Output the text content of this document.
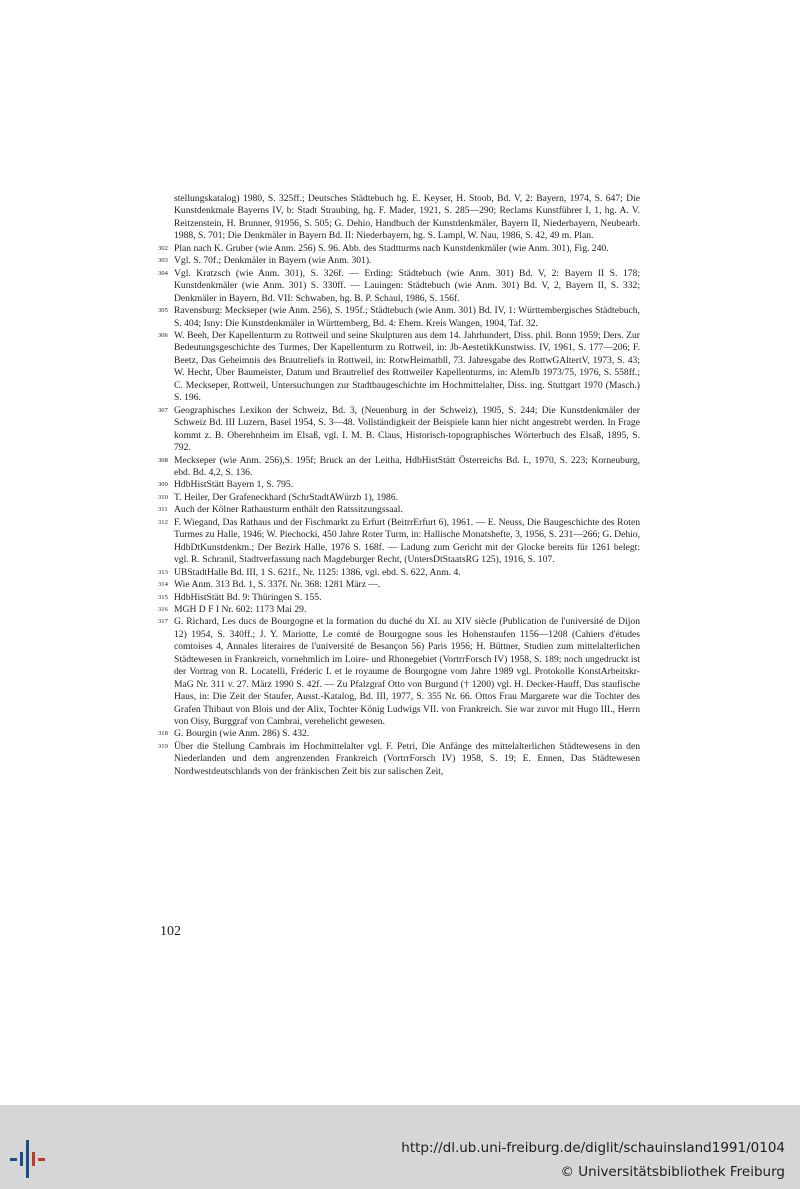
stellungskatalog) 1980, S. 325ff.; Deutsches Städtebuch hg. E. Keyser, H. Stoob, Bd. V, 2: Bayern, 1974, S. 647; Die Kunstdenkmale Bayerns IV, b: Stadt Straubing, hg. F. Mader, 1921, S. 285—290; Reclams Kunstführer I, 1, hg. A. V. Reitzenstein, H. Brunner, 91956, S. 505; G. Dehio, Handbuch der Kunstdenkmäler, Bayern II, Niederbayern, Neubearb. 1988, S. 701; Die Denkmäler in Bayern Bd. II: Niederbayern, hg. S. Lampl, W. Nau, 1986, S. 42, 49 m. Plan.
302 Plan nach K. Gruber (wie Anm. 256) S. 96. Abb. des Stadtturms nach Kunstdenkmäler (wie Anm. 301), Fig. 240.
303 Vgl. S. 70f.; Denkmäler in Bayern (wie Anm. 301).
304 Vgl. Kratzsch (wie Anm. 301), S. 326f. — Erding: Städtebuch (wie Anm. 301) Bd. V, 2: Bayern II S. 178; Kunstdenkmäler (wie Anm. 301) S. 330ff. — Lauingen: Städtebuch (wie Anm. 301) Bd. V, 2, Bayern II, S. 332; Denkmäler in Bayern, Bd. VII: Schwaben, hg. B. P. Schaul, 1986, S. 156f.
305 Ravensburg: Meckseper (wie Anm. 256), S. 195f.; Städtebuch (wie Anm. 301) Bd. IV, 1: Württembergisches Städtebuch, S. 404; Isny: Die Kunstdenkmäler in Württemberg, Bd. 4: Ehem. Kreis Wangen, 1904, Taf. 32.
306 W. Beeh, Der Kapellenturm zu Rottweil und seine Skulpturen aus dem 14. Jahrhundert, Diss. phil. Bonn 1959; Ders. Zur Bedeutungsgeschichte des Turmes, Der Kapellenturm zu Rottweil, in: Jb-AestetikKunstwiss. IV, 1961, S. 177—206; F. Beetz, Das Geheimnis des Brautreliefs in Rottweil, in: RotwHeimatbll, 73. Jahresgabe des RottwGAltertV, 1973, S. 43; W. Hecht, Über Baumeister, Datum und Brautrelief des Rottweiler Kapellenturms, in: AlemJb 1973/75, 1976, S. 558ff.; C. Meckseper, Rottweil, Untersuchungen zur Stadtbaugeschichte im Hochmittelalter, Diss. ing. Stuttgart 1970 (Masch.) S. 196.
307 Geographisches Lexikon der Schweiz, Bd. 3, (Neuenburg in der Schweiz), 1905, S. 244; Die Kunstdenkmäler der Schweiz Bd. III Luzern, Basel 1954, S. 3—48. Vollständigkeit der Beispiele kann hier nicht angestrebt werden. In Frage kommt z. B. Oberehnheim im Elsaß, vgl. I. M. B. Claus, Historisch-topographisches Wörterbuch des Elsaß, 1895, S. 792.
308 Meckseper (wie Anm. 256),S. 195f; Bruck an der Leitha, HdbHistStätt Österreichs Bd. I., 1970, S. 223; Korneuburg, ebd. Bd. 4,2, S. 136.
309 HdbHistStätt Bayern 1, S. 795.
310 T. Heiler, Der Grafeneckhard (SchrStadtAWürzb 1), 1986.
311 Auch der Kölner Rathausturm enthält den Ratssitzungssaal.
312 F. Wiegand, Das Rathaus und der Fischmarkt zu Erfurt (BeitrrErfurt 6), 1961. — E. Neuss, Die Baugeschichte des Roten Turmes zu Halle, 1946; W. Piechocki, 450 Jahre Roter Turm, in: Hallische Monatshefte, 3, 1956, S. 231—266; G. Dehio, HdbDtKunstdenkm.; Der Bezirk Halle, 1976 S. 168f. — Ladung zum Gericht mit der Glocke bereits für 1261 belegt: vgl. R. Schranil, Stadtverfassung nach Magdeburger Recht, (UntersDtStaatsRG 125), 1916, S. 107.
313 UBStadtHalle Bd. III, 1 S. 621f., Nr. 1125: 1386, vgl. ebd. S. 622, Anm. 4.
314 Wie Anm. 313 Bd. 1, S. 337f. Nr. 368: 1281 März —.
315 HdbHistStätt Bd. 9: Thüringen S. 155.
316 MGH D F I Nr. 602: 1173 Mai 29.
317 G. Richard, Les ducs de Bourgogne et la formation du duché du XI. au XIV siècle (Publication de l'université de Dijon 12) 1954, S. 340ff.; J. Y. Mariotte, Le comté de Bourgogne sous les Hohenstaufen 1156—1208 (Cahiers d'études comtoises 4, Annales literaires de l'université de Besançon 56) Paris 1956; H. Büttner, Studien zum mittelalterlichen Städtewesen in Frankreich, vornehmlich im Loire- und Rhonegebiet (VortrrForsch IV) 1958, S. 189; noch ungedruckt ist der Vortrag von R. Locatelli, Fréderic I. et le royaume de Bourgogne vom Jahre 1989 vgl. Protokolle KonstArbeitskr-MaG Nr. 311 v. 27. März 1990 S. 42f. — Zu Pfalzgraf Otto von Burgund († 1200) vgl. H. Decker-Hauff, Das staufische Haus, in: Die Zeit der Staufer, Ausst.-Katalog, Bd. III, 1977, S. 355 Nr. 66. Ottos Frau Margarete war die Tochter des Grafen Thibaut von Blois und der Alix, Tochter König Ludwigs VII. von Frankreich. Sie war zuvor mit Hugo III., Herrn von Oisy, Burggraf von Cambrai, verehelicht gewesen.
318 G. Bourgin (wie Anm. 286) S. 432.
319 Über die Stellung Cambrais im Hochmittelalter vgl. F. Petri, Die Anfänge des mittelalterlichen Städtewesens in den Niederlanden und dem angrenzenden Frankreich (VortrrForsch IV) 1958, S. 19; E. Ennen, Das Städtewesen Nordwestdeutschlands von der fränkischen Zeit bis zur salischen Zeit,
102
http://dl.ub.uni-freiburg.de/diglit/schauinsland1991/0104
© Universitätsbibliothek Freiburg
